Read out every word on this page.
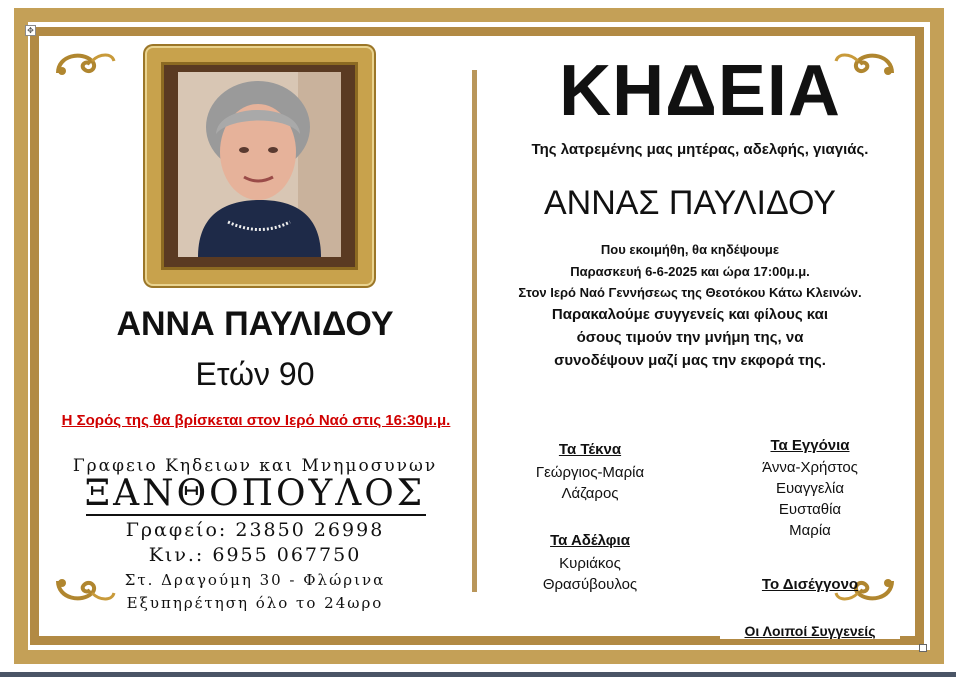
✥
ΑΝΝΑ ΠΑΥΛΙΔΟΥ
Ετών 90
Η Σορός της θα βρίσκεται στον Ιερό Ναό στις 16:30μ.μ.
Γραφειο Κηδειων και Μνημοσυνων
ΞΑΝΘΟΠΟΥΛΟΣ
Γραφείο: 23850 26998
Κιν.: 6955 067750
Στ. Δραγούμη 30 - Φλώρινα
Εξυπηρέτηση όλο το 24ωρο
ΚΗΔΕΙΑ
Της λατρεμένης μας μητέρας, αδελφής, γιαγιάς.
ΑΝΝΑΣ ΠΑΥΛΙΔΟΥ
Που εκοιμήθη, θα κηδέψουμε
Παρασκευή 6-6-2025 και ώρα 17:00μ.μ.
Στον Ιερό Ναό Γεννήσεως της Θεοτόκου Κάτω Κλεινών.
Παρακαλούμε συγγενείς και φίλους και
όσους τιμούν την μνήμη της, να
συνοδέψουν μαζί μας την εκφορά της.
Τα Τέκνα
Γεώργιος-Μαρία
Λάζαρος
Τα Αδέλφια
Κυριάκος
Θρασύβουλος
Τα Εγγόνια
Άννα-Χρήστος
Ευαγγελία
Ευσταθία
Μαρία
Το Δισέγγονο
Οι Λοιποί Συγγενείς
